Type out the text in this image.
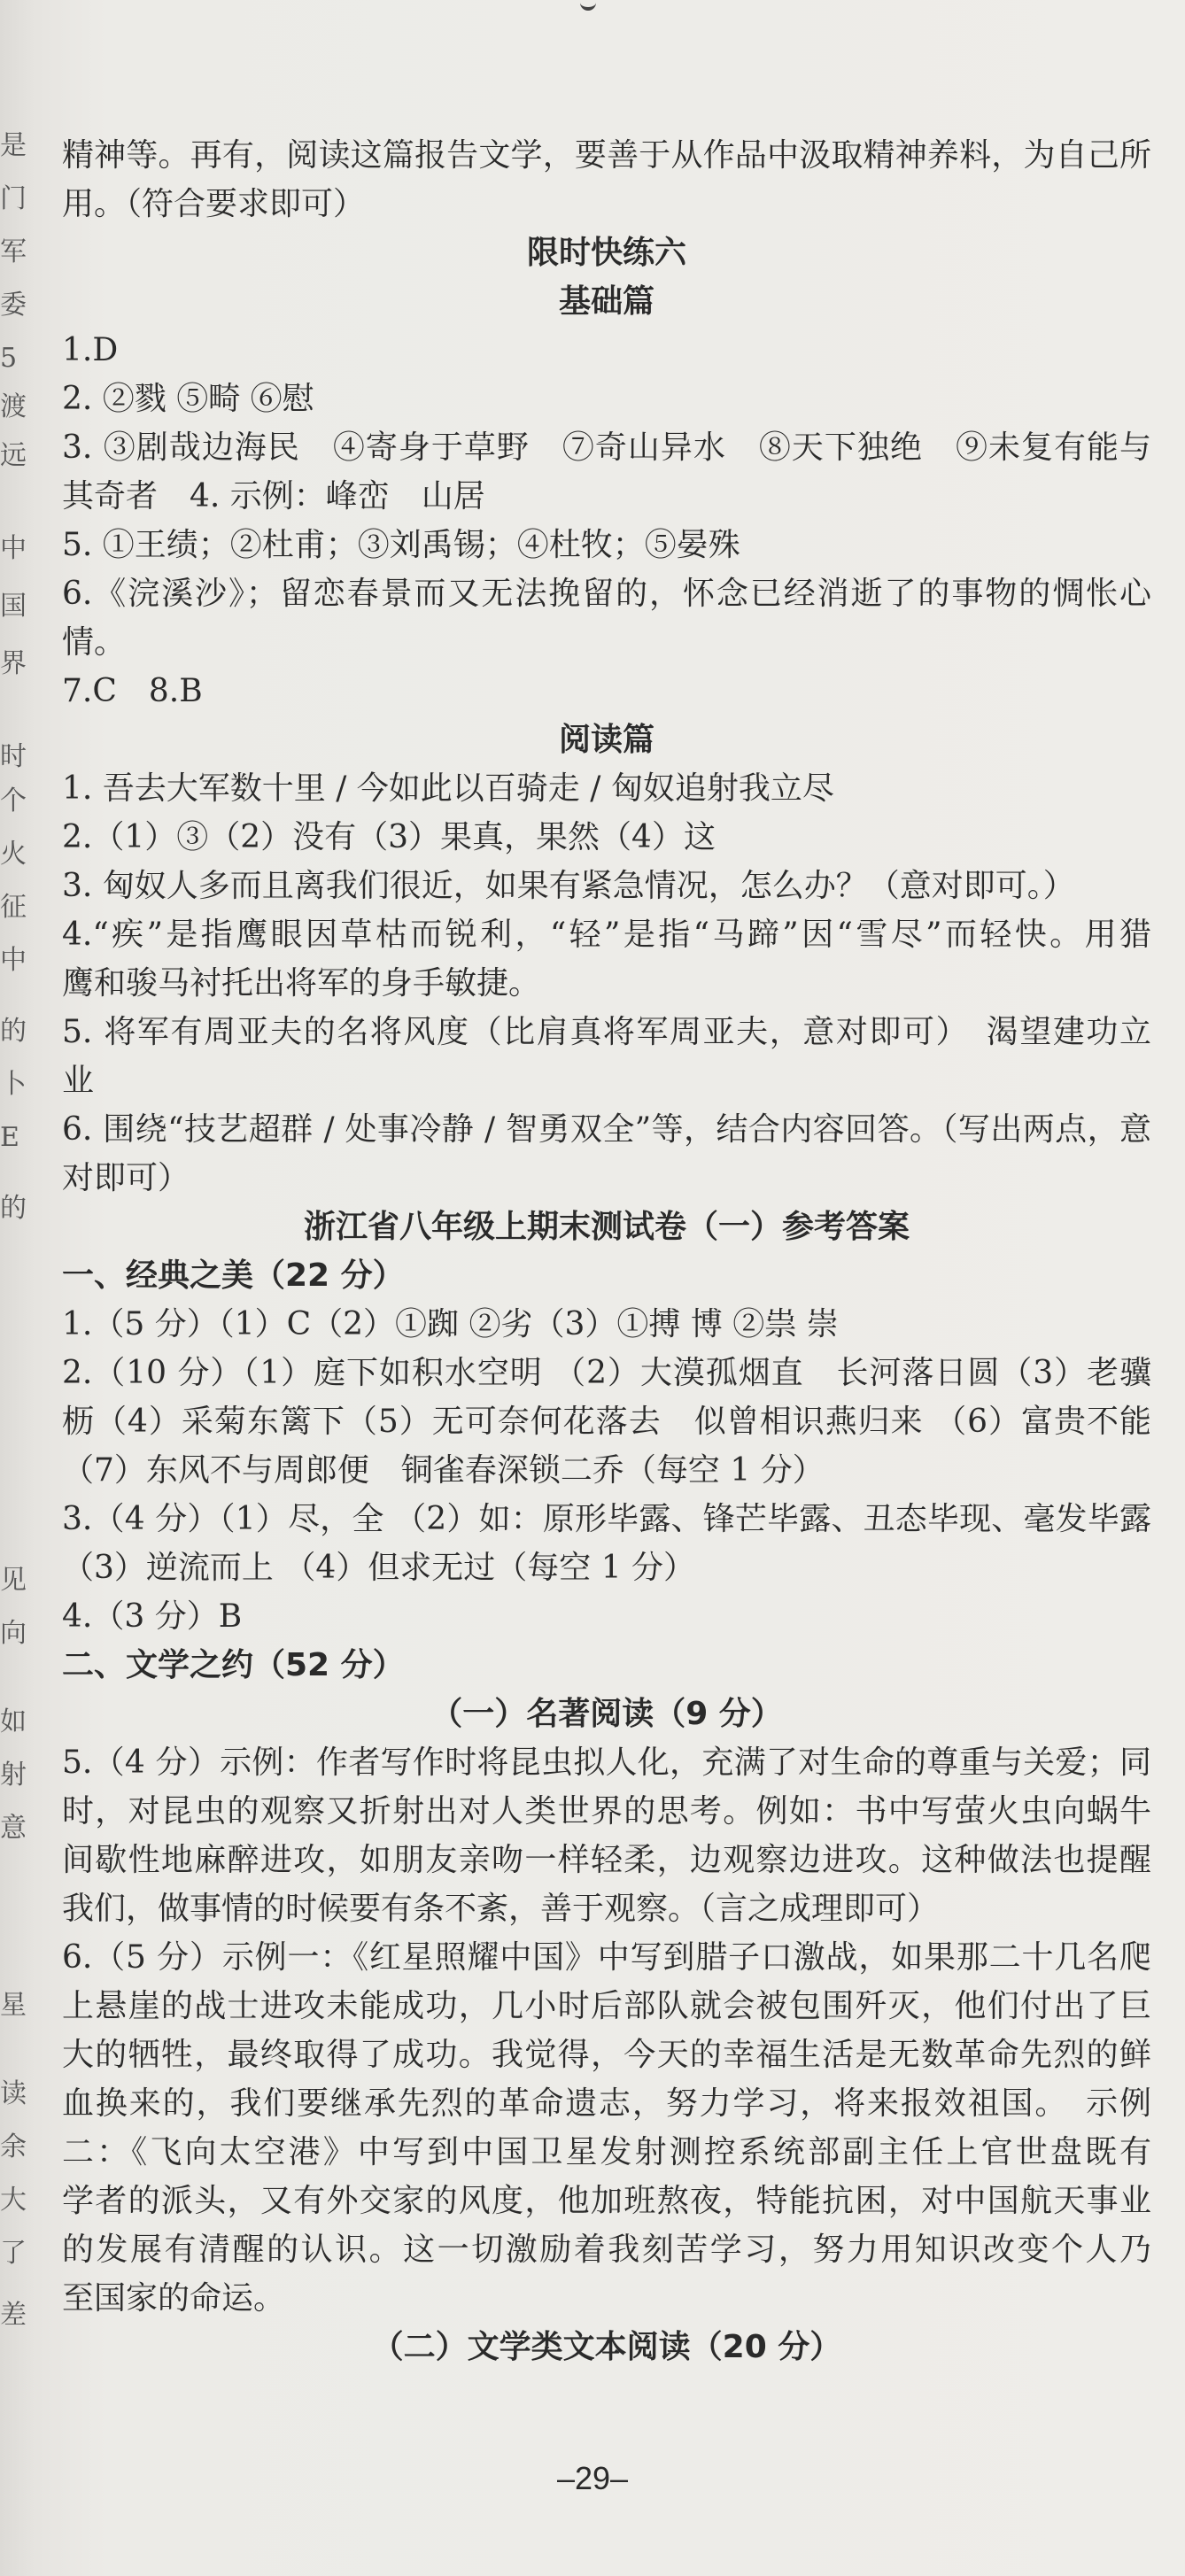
是
门
军
委
5
渡
远
中
国
界
时
个
火
征
中
的
卜
E
的
见
向
如
射
意
星
读
余
大
了
差
精神等。再有，阅读这篇报告文学，要善于从作品中汲取精神养料，为自己所
用。（符合要求即可）
限时快练六
基础篇
1.D
2. ②戮 ⑤畸 ⑥慰
3. ③剧哉边海民　④寄身于草野　⑦奇山异水　⑧天下独绝　⑨未复有能与
其奇者　4. 示例：峰峦　山居
5. ①王绩；②杜甫；③刘禹锡；④杜牧；⑤晏殊
6.《浣溪沙》；留恋春景而又无法挽留的，怀念已经消逝了的事物的惆怅心
情。
7.C　8.B
阅读篇
1. 吾去大军数十里 / 今如此以百骑走 / 匈奴追射我立尽
2.（1）③（2）没有（3）果真，果然（4）这
3. 匈奴人多而且离我们很近，如果有紧急情况，怎么办？（意对即可。）
4.“疾”是指鹰眼因草枯而锐利，“轻”是指“马蹄”因“雪尽”而轻快。用猎
鹰和骏马衬托出将军的身手敏捷。
5. 将军有周亚夫的名将风度（比肩真将军周亚夫，意对即可）　渴望建功立
业
6. 围绕“技艺超群 / 处事冷静 / 智勇双全”等，结合内容回答。（写出两点，意
对即可）
浙江省八年级上期末测试卷（一）参考答案
一、经典之美（22 分）
1.（5 分）（1）C（2）①踟 ②劣（3）①搏 博 ②祟 崇
2.（10 分）（1）庭下如积水空明 （2）大漠孤烟直　长河落日圆（3）老骥
枥（4）采菊东篱下（5）无可奈何花落去　似曾相识燕归来 （6）富贵不能
（7）东风不与周郎便　铜雀春深锁二乔（每空 1 分）
3.（4 分）（1）尽，全 （2）如：原形毕露、锋芒毕露、丑态毕现、毫发毕露
（3）逆流而上 （4）但求无过（每空 1 分）
4.（3 分）B
二、文学之约（52 分）
（一）名著阅读（9 分）
5.（4 分）示例：作者写作时将昆虫拟人化，充满了对生命的尊重与关爱；同
时，对昆虫的观察又折射出对人类世界的思考。例如：书中写萤火虫向蜗牛
间歇性地麻醉进攻，如朋友亲吻一样轻柔，边观察边进攻。这种做法也提醒
我们，做事情的时候要有条不紊，善于观察。（言之成理即可）
6.（5 分）示例一：《红星照耀中国》中写到腊子口激战，如果那二十几名爬
上悬崖的战士进攻未能成功，几小时后部队就会被包围歼灭，他们付出了巨
大的牺牲，最终取得了成功。我觉得，今天的幸福生活是无数革命先烈的鲜
血换来的，我们要继承先烈的革命遗志，努力学习，将来报效祖国。　示例
二：《飞向太空港》中写到中国卫星发射测控系统部副主任上官世盘既有
学者的派头，又有外交家的风度，他加班熬夜，特能抗困，对中国航天事业
的发展有清醒的认识。这一切激励着我刻苦学习，努力用知识改变个人乃
至国家的命运。
（二）文学类文本阅读（20 分）
–29–
